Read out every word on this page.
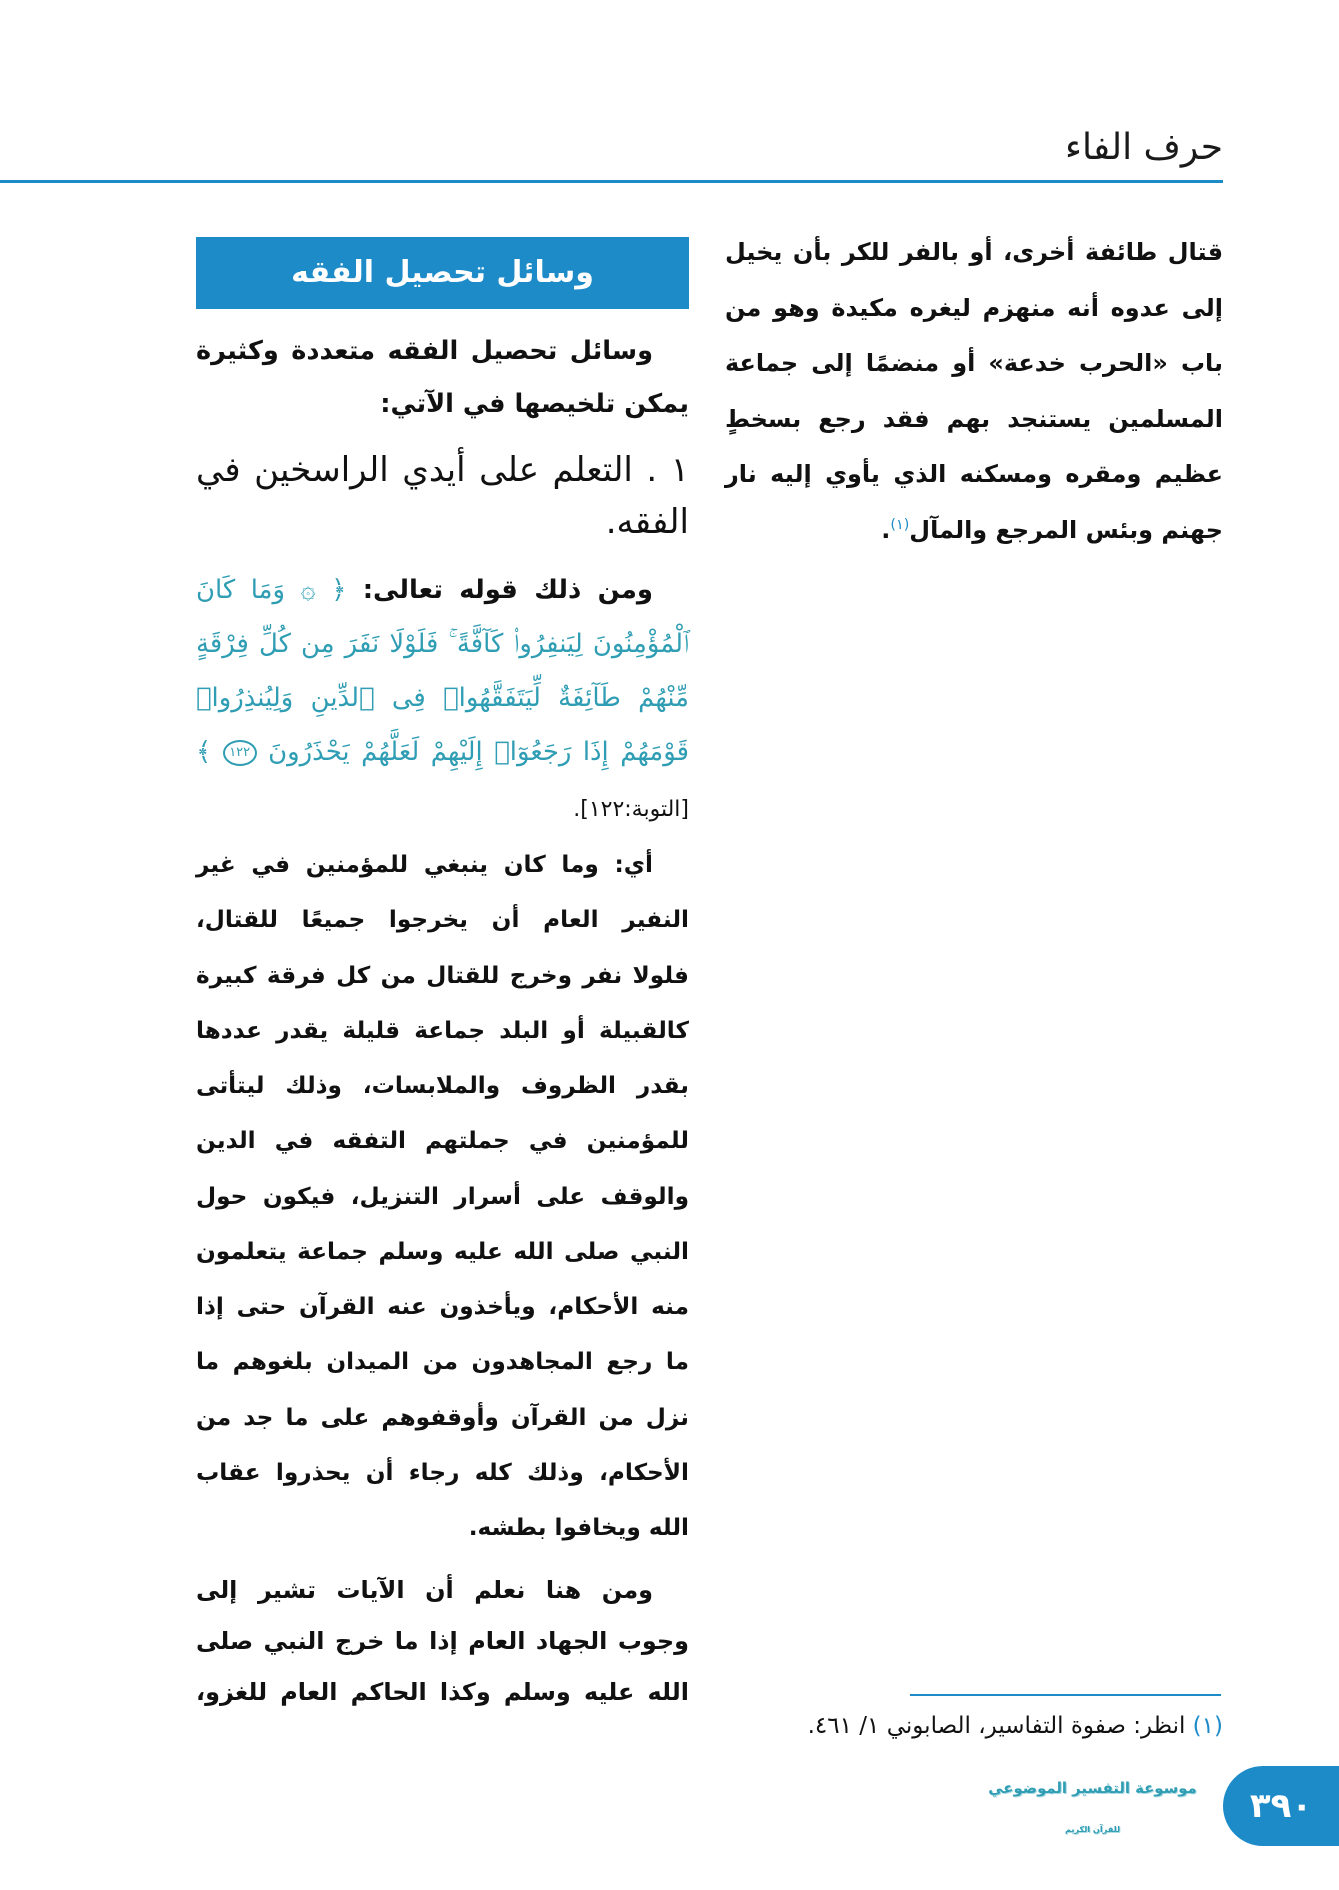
حرف الفاء
قتال طائفة أخرى، أو بالفر للكر بأن يخيل
إلى عدوه أنه منهزم ليغره مكيدة وهو من
باب «الحرب خدعة» أو منضمًا إلى جماعة
المسلمين يستنجد بهم فقد رجع بسخطٍ
عظيم ومقره ومسكنه الذي يأوي إليه نار
جهنم وبئس المرجع والمآل$^{(١)}$.
وسائل تحصيل الفقه
وسائل تحصيل الفقه متعددة وكثيرة
يمكن تلخيصها في الآتي:
١ . التعلم على أيدي الراسخين في
الفقه.
ومن ذلك قوله تعالى: ﴿ ۞ وَمَا كَانَ
ٱلْمُؤْمِنُونَ لِيَنفِرُوا۟ كَآفَّةً ۚ فَلَوْلَا نَفَرَ مِن كُلِّ فِرْقَةٍ
مِّنْهُمْ طَآئِفَةٌ لِّيَتَفَقَّهُوا۟ فِى ٱلدِّينِ وَلِيُنذِرُوا۟
قَوْمَهُمْ إِذَا رَجَعُوٓا۟ إِلَيْهِمْ لَعَلَّهُمْ يَحْذَرُونَ ١٢٢ ﴾
[التوبة:١٢٢].
أي: وما كان ينبغي للمؤمنين في غير
النفير العام أن يخرجوا جميعًا للقتال،
فلولا نفر وخرج للقتال من كل فرقة كبيرة
كالقبيلة أو البلد جماعة قليلة يقدر عددها
بقدر الظروف والملابسات، وذلك ليتأتى
للمؤمنين في جملتهم التفقه في الدين
والوقف على أسرار التنزيل، فيكون حول
النبي صلى الله عليه وسلم جماعة يتعلمون
منه الأحكام، ويأخذون عنه القرآن حتى إذا
ما رجع المجاهدون من الميدان بلغوهم ما
نزل من القرآن وأوقفوهم على ما جد من
الأحكام، وذلك كله رجاء أن يحذروا عقاب
الله ويخافوا بطشه.
ومن هنا نعلم أن الآيات تشير إلى
وجوب الجهاد العام إذا ما خرج النبي صلى
الله عليه وسلم وكذا الحاكم العام للغزو،
(١) انظر: صفوة التفاسير، الصابوني ١/ ٤٦١.
موسوعة التفسير الموضوعي
للقرآن الكريم
٣٩٠
